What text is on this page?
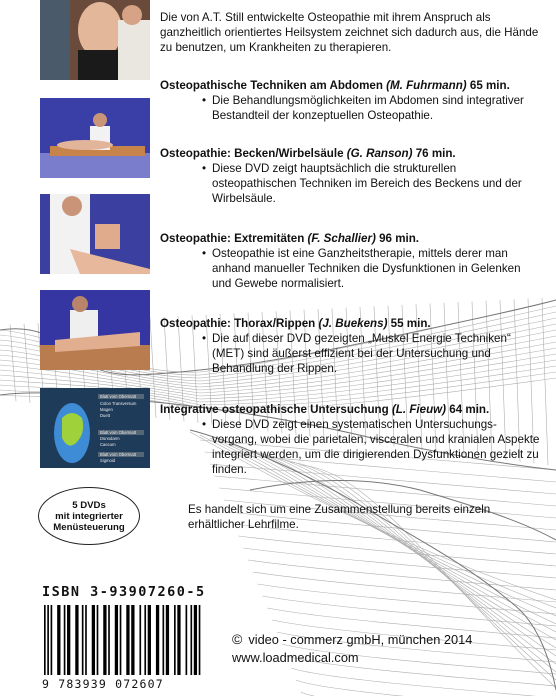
Blatt vom Obermatt
Colon Transversum
Magen
Duett
Blatt vom Obermatt
Dünndarm
Caecum
Blatt vom Obermatt
Sigmoid
Die von A.T. Still entwickelte Osteopathie mit ihrem Anspruch als ganzheitlich orientiertes Heilsystem zeichnet sich dadurch aus, die Hände zu benutzen, um Krankheiten zu therapieren.
Osteopathische Techniken am Abdomen (M. Fuhrmann) 65 min.
• Die Behandlungsmöglichkeiten im Abdomen sind integrativer Bestandteil der konzeptuellen Osteopathie.
Osteopathie: Becken/Wirbelsäule (G. Ranson) 76 min.
• Diese DVD zeigt hauptsächlich die strukturellen osteopathischen Techniken im Bereich des Beckens und der Wirbelsäule.
Osteopathie: Extremitäten (F. Schallier) 96 min.
• Osteopathie ist eine Ganzheitstherapie, mittels derer man anhand manueller Techniken die Dysfunktionen in Gelenken und Gewebe normalisiert.
Osteopathie: Thorax/Rippen (J. Buekens) 55 min.
• Die auf dieser DVD gezeigten „Muskel Energie Techniken“ (MET) sind äußerst effizient bei der Untersuchung und Behandlung der Rippen.
Integrative osteopathische Untersuchung (L. Fieuw) 64 min.
• Diese DVD zeigt einen systematischen Untersuchungs-vorgang, wobei die parietalen, visceralen und kranialen Aspekte integriert werden, um die dirigierenden Dysfunktionen gezielt zu finden.
5 DVDs
mit integrierter
Menüsteuerung
Es handelt sich um eine Zusammenstellung bereits einzeln erhältlicher Lehrfilme.
ISBN 3-93907260-5
9 783939 072607
© video - commerz gmbH, münchen 2014
www.loadmedical.com
